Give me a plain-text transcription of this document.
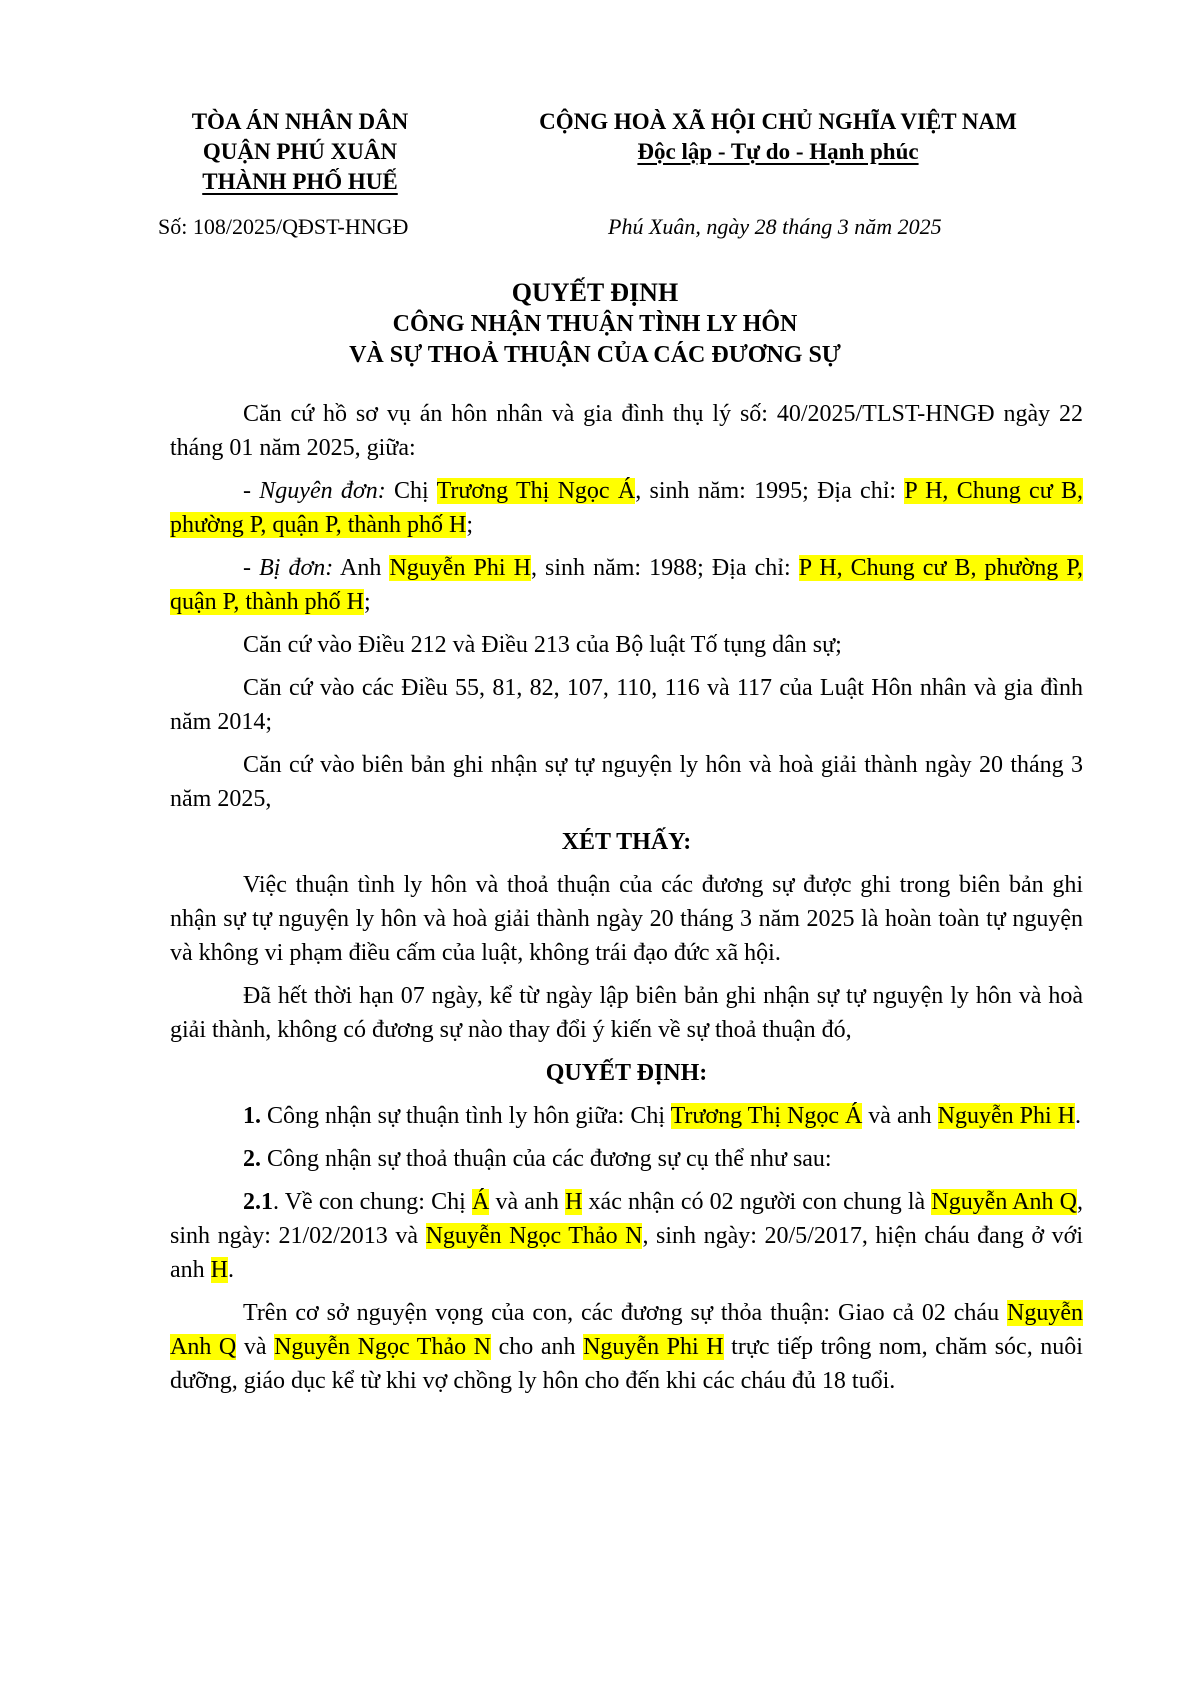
TÒA ÁN NHÂN DÂN
QUẬN PHÚ XUÂN
THÀNH PHỐ HUẾ
CỘNG HOÀ XÃ HỘI CHỦ NGHĨA VIỆT NAM
Độc lập - Tự do - Hạnh phúc
Số: 108/2025/QĐST-HNGĐ	Phú Xuân, ngày 28 tháng 3 năm 2025
QUYẾT ĐỊNH
CÔNG NHẬN THUẬN TÌNH LY HÔN
VÀ SỰ THOẢ THUẬN CỦA CÁC ĐƯƠNG SỰ

Căn cứ hồ sơ vụ án hôn nhân và gia đình thụ lý số: 40/2025/TLST-HNGĐ ngày 22 tháng 01 năm 2025, giữa:

- Nguyên đơn: Chị Trương Thị Ngọc Á, sinh năm: 1995; Địa chỉ: P H, Chung cư B, phường P, quận P, thành phố H;

- Bị đơn: Anh Nguyễn Phi H, sinh năm: 1988; Địa chỉ: P H, Chung cư B, phường P, quận P, thành phố H;

Căn cứ vào Điều 212 và Điều 213 của Bộ luật Tố tụng dân sự;

Căn cứ vào các Điều 55, 81, 82, 107, 110, 116 và 117 của Luật Hôn nhân và gia đình năm 2014;

Căn cứ vào biên bản ghi nhận sự tự nguyện ly hôn và hoà giải thành ngày 20 tháng 3 năm 2025,

XÉT THẤY:

Việc thuận tình ly hôn và thoả thuận của các đương sự được ghi trong biên bản ghi nhận sự tự nguyện ly hôn và hoà giải thành ngày 20 tháng 3 năm 2025 là hoàn toàn tự nguyện và không vi phạm điều cấm của luật, không trái đạo đức xã hội.

Đã hết thời hạn 07 ngày, kể từ ngày lập biên bản ghi nhận sự tự nguyện ly hôn và hoà giải thành, không có đương sự nào thay đổi ý kiến về sự thoả thuận đó,

QUYẾT ĐỊNH:

1. Công nhận sự thuận tình ly hôn giữa: Chị Trương Thị Ngọc Á và anh Nguyễn Phi H.

2. Công nhận sự thoả thuận của các đương sự cụ thể như sau:

2.1. Về con chung: Chị Á và anh H xác nhận có 02 người con chung là Nguyễn Anh Q, sinh ngày: 21/02/2013 và Nguyễn Ngọc Thảo N, sinh ngày: 20/5/2017, hiện cháu đang ở với anh H.

Trên cơ sở nguyện vọng của con, các đương sự thỏa thuận: Giao cả 02 cháu Nguyễn Anh Q và Nguyễn Ngọc Thảo N cho anh Nguyễn Phi H trực tiếp trông nom, chăm sóc, nuôi dưỡng, giáo dục kể từ khi vợ chồng ly hôn cho đến khi các cháu đủ 18 tuổi.
